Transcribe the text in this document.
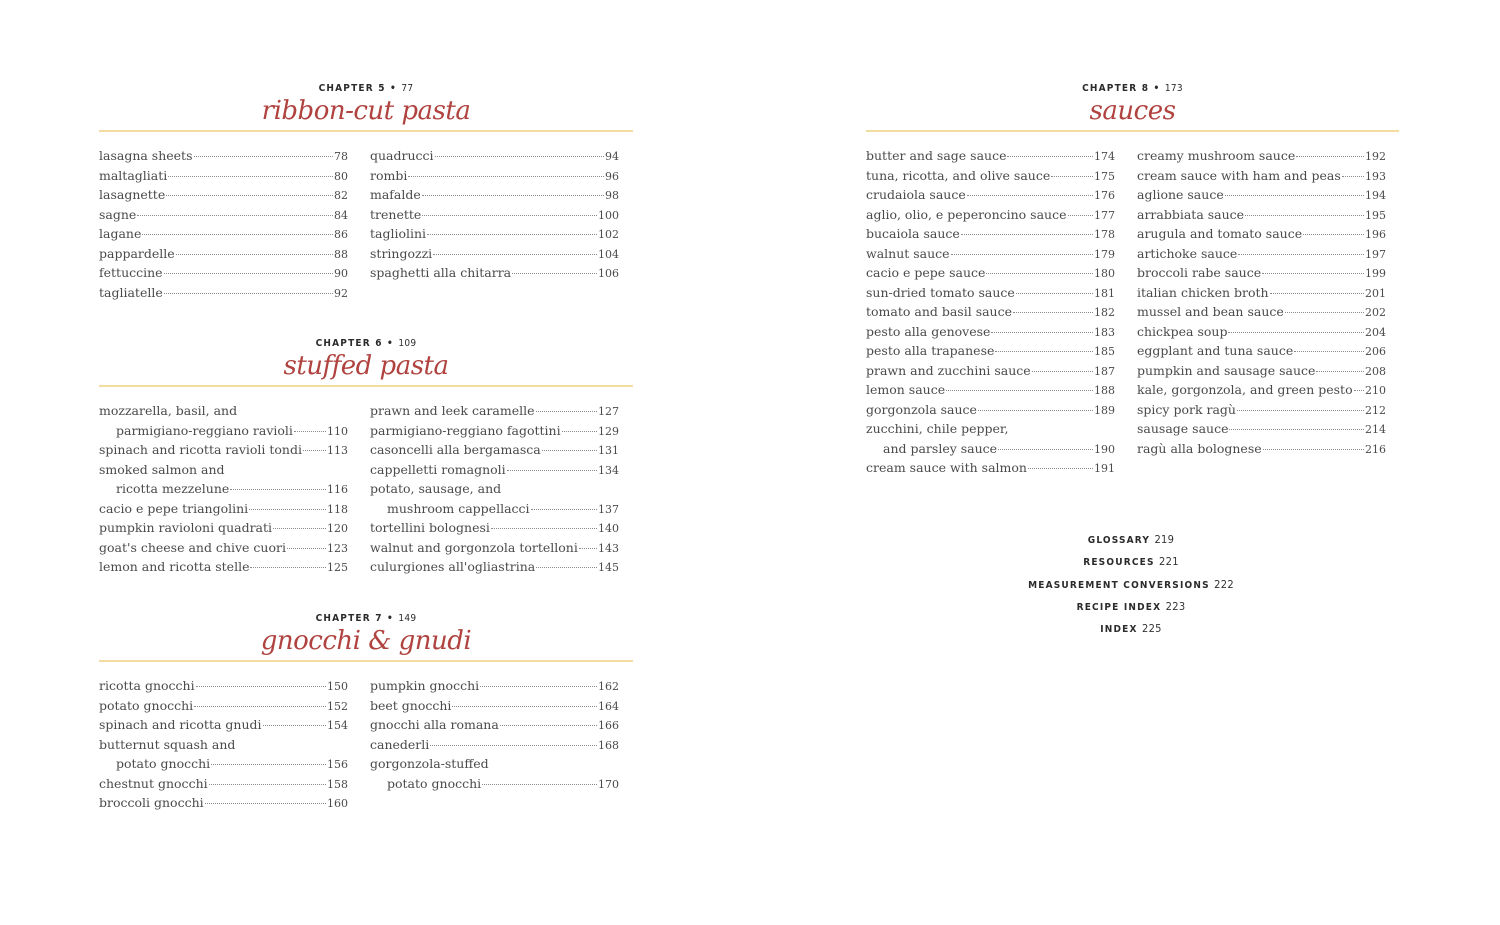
CHAPTER 5 • 77
ribbon-cut pasta
lasagna sheets	78
maltagliati	80
lasagnette	82
sagne	84
lagane	86
pappardelle	88
fettuccine	90
tagliatelle	92
quadrucci	94
rombi	96
mafalde	98
trenette	100
tagliolini	102
stringozzi	104
spaghetti alla chitarra	106
CHAPTER 6 • 109
stuffed pasta
mozzarella, basil, and
parmigiano-reggiano ravioli	110
spinach and ricotta ravioli tondi 113
smoked salmon and
ricotta mezzelune	116
cacio e pepe triangolini	118
pumpkin ravioloni quadrati	120
goat's cheese and chive cuori	123
lemon and ricotta stelle	125
prawn and leek caramelle	127
parmigiano-reggiano fagottini	129
casoncelli alla bergamasca	131
cappelletti romagnoli	134
potato, sausage, and
mushroom cappellacci	137
tortellini bolognesi	140
walnut and gorgonzola tortelloni 143
culurgiones all'ogliastrina	145
CHAPTER 7 • 149
gnocchi & gnudi
ricotta gnocchi	150
potato gnocchi	152
spinach and ricotta gnudi	154
butternut squash and
potato gnocchi	156
chestnut gnocchi	158
broccoli gnocchi	160
pumpkin gnocchi	162
beet gnocchi	164
gnocchi alla romana	166
canederli	168
gorgonzola-stuffed
potato gnocchi	170
CHAPTER 8 • 173
sauces
butter and sage sauce	174
tuna, ricotta, and olive sauce	175
crudaiola sauce	176
aglio, olio, e peperoncino sauce 177
bucaiola sauce	178
walnut sauce	179
cacio e pepe sauce	180
sun-dried tomato sauce	181
tomato and basil sauce	182
pesto alla genovese	183
pesto alla trapanese	185
prawn and zucchini sauce	187
lemon sauce	188
gorgonzola sauce	189
zucchini, chile pepper,
and parsley sauce	190
cream sauce with salmon	191
creamy mushroom sauce	192
cream sauce with ham and peas 193
aglione sauce	194
arrabbiata sauce	195
arugula and tomato sauce	196
artichoke sauce	197
broccoli rabe sauce	199
italian chicken broth	201
mussel and bean sauce	202
chickpea soup	204
eggplant and tuna sauce	206
pumpkin and sausage sauce	208
kale, gorgonzola, and green pesto 210
spicy pork ragù	212
sausage sauce	214
ragù alla bolognese	216
GLOSSARY 219
RESOURCES 221
MEASUREMENT CONVERSIONS 222
RECIPE INDEX 223
INDEX 225
